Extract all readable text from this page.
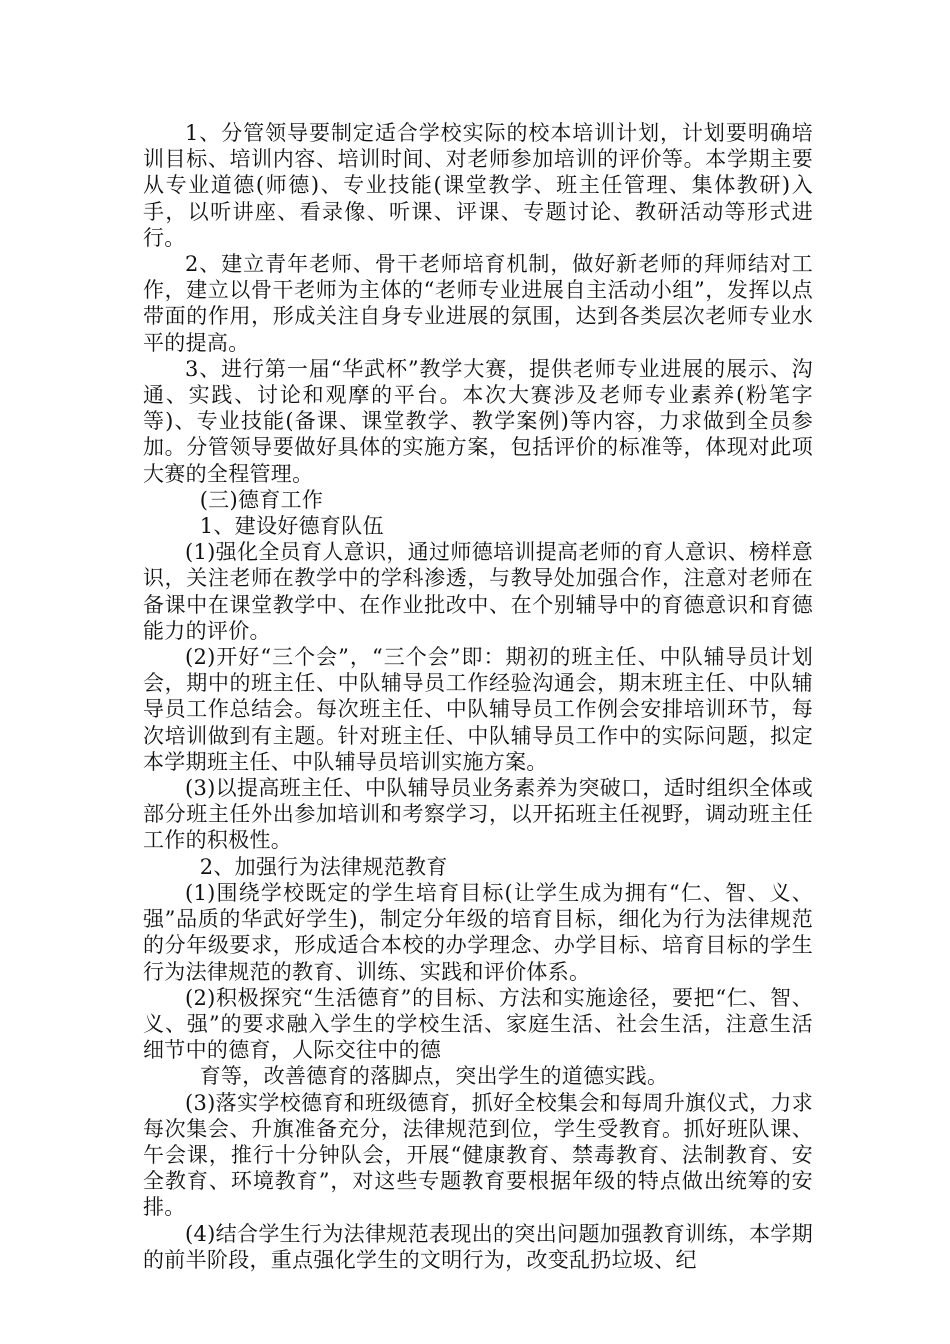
1、分管领导要制定适合学校实际的校本培训计划，计划要明确培训目标、培训内容、培训时间、对老师参加培训的评价等。本学期主要从专业道德(师德)、专业技能(课堂教学、班主任管理、集体教研)入手，以听讲座、看录像、听课、评课、专题讨论、教研活动等形式进行。

2、建立青年老师、骨干老师培育机制，做好新老师的拜师结对工作，建立以骨干老师为主体的“老师专业进展自主活动小组”，发挥以点带面的作用，形成关注自身专业进展的氛围，达到各类层次老师专业水平的提高。

3、进行第一届“华武杯”教学大赛，提供老师专业进展的展示、沟通、实践、讨论和观摩的平台。本次大赛涉及老师专业素养(粉笔字等)、专业技能(备课、课堂教学、教学案例)等内容，力求做到全员参加。分管领导要做好具体的实施方案，包括评价的标准等，体现对此项大赛的全程管理。

(三)德育工作

1、建设好德育队伍

(1)强化全员育人意识，通过师德培训提高老师的育人意识、榜样意识，关注老师在教学中的学科渗透，与教导处加强合作，注意对老师在备课中在课堂教学中、在作业批改中、在个别辅导中的育德意识和育德能力的评价。

(2)开好“三个会”，“三个会”即：期初的班主任、中队辅导员计划会，期中的班主任、中队辅导员工作经验沟通会，期末班主任、中队辅导员工作总结会。每次班主任、中队辅导员工作例会安排培训环节，每次培训做到有主题。针对班主任、中队辅导员工作中的实际问题，拟定本学期班主任、中队辅导员培训实施方案。

(3)以提高班主任、中队辅导员业务素养为突破口，适时组织全体或部分班主任外出参加培训和考察学习，以开拓班主任视野，调动班主任工作的积极性。

2、加强行为法律规范教育

(1)围绕学校既定的学生培育目标(让学生成为拥有“仁、智、义、强”品质的华武好学生)，制定分年级的培育目标，细化为行为法律规范的分年级要求，形成适合本校的办学理念、办学目标、培育目标的学生行为法律规范的教育、训练、实践和评价体系。

(2)积极探究“生活德育”的目标、方法和实施途径，要把“仁、智、义、强”的要求融入学生的学校生活、家庭生活、社会生活，注意生活细节中的德育，人际交往中的德

育等，改善德育的落脚点，突出学生的道德实践。

(3)落实学校德育和班级德育，抓好全校集会和每周升旗仪式，力求每次集会、升旗准备充分，法律规范到位，学生受教育。抓好班队课、午会课，推行十分钟队会，开展“健康教育、禁毒教育、法制教育、安全教育、环境教育”，对这些专题教育要根据年级的特点做出统筹的安排。

(4)结合学生行为法律规范表现出的突出问题加强教育训练，本学期的前半阶段，重点强化学生的文明行为，改变乱扔垃圾、纪
